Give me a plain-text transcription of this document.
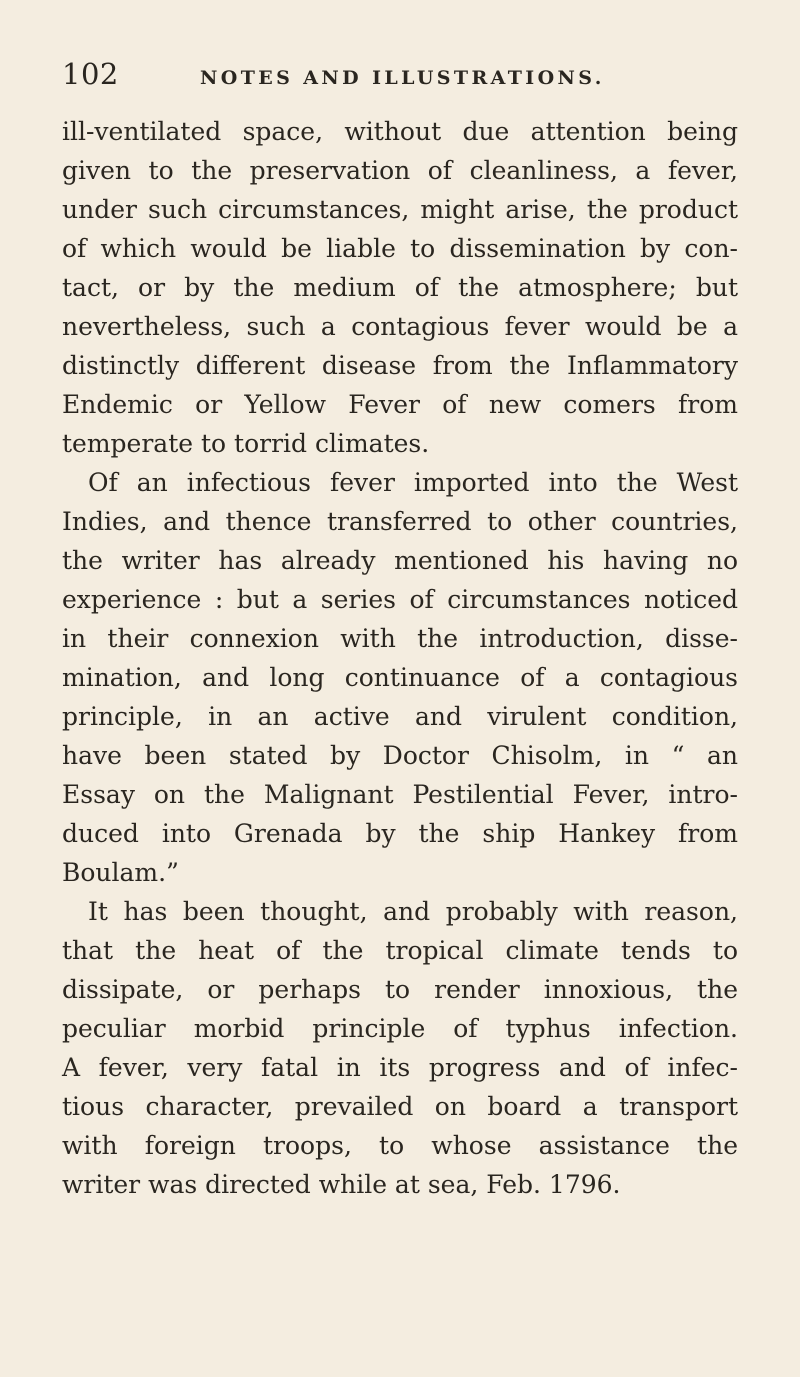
102	NOTES AND ILLUSTRATIONS.
ill-ventilated space, without due attention being
given to the preservation of cleanliness, a fever,
under such circumstances, might arise, the product
of which would be liable to dissemination by con-
tact, or by the medium of the atmosphere; but
nevertheless, such a contagious fever would be a
distinctly different disease from the Inflammatory
Endemic or Yellow Fever of new comers from
temperate to torrid climates.
Of an infectious fever imported into the West
Indies, and thence transferred to other countries,
the writer has already mentioned his having no
experience : but a series of circumstances noticed
in their connexion with the introduction, disse-
mination, and long continuance of a contagious
principle, in an active and virulent condition,
have been stated by Doctor Chisolm, in “ an
Essay on the Malignant Pestilential Fever, intro-
duced into Grenada by the ship Hankey from
Boulam.”
It has been thought, and probably with reason,
that the heat of the tropical climate tends to
dissipate, or perhaps to render innoxious, the
peculiar morbid principle of typhus infection.
A fever, very fatal in its progress and of infec-
tious character, prevailed on board a transport
with foreign troops, to whose assistance the
writer was directed while at sea, Feb. 1796.
